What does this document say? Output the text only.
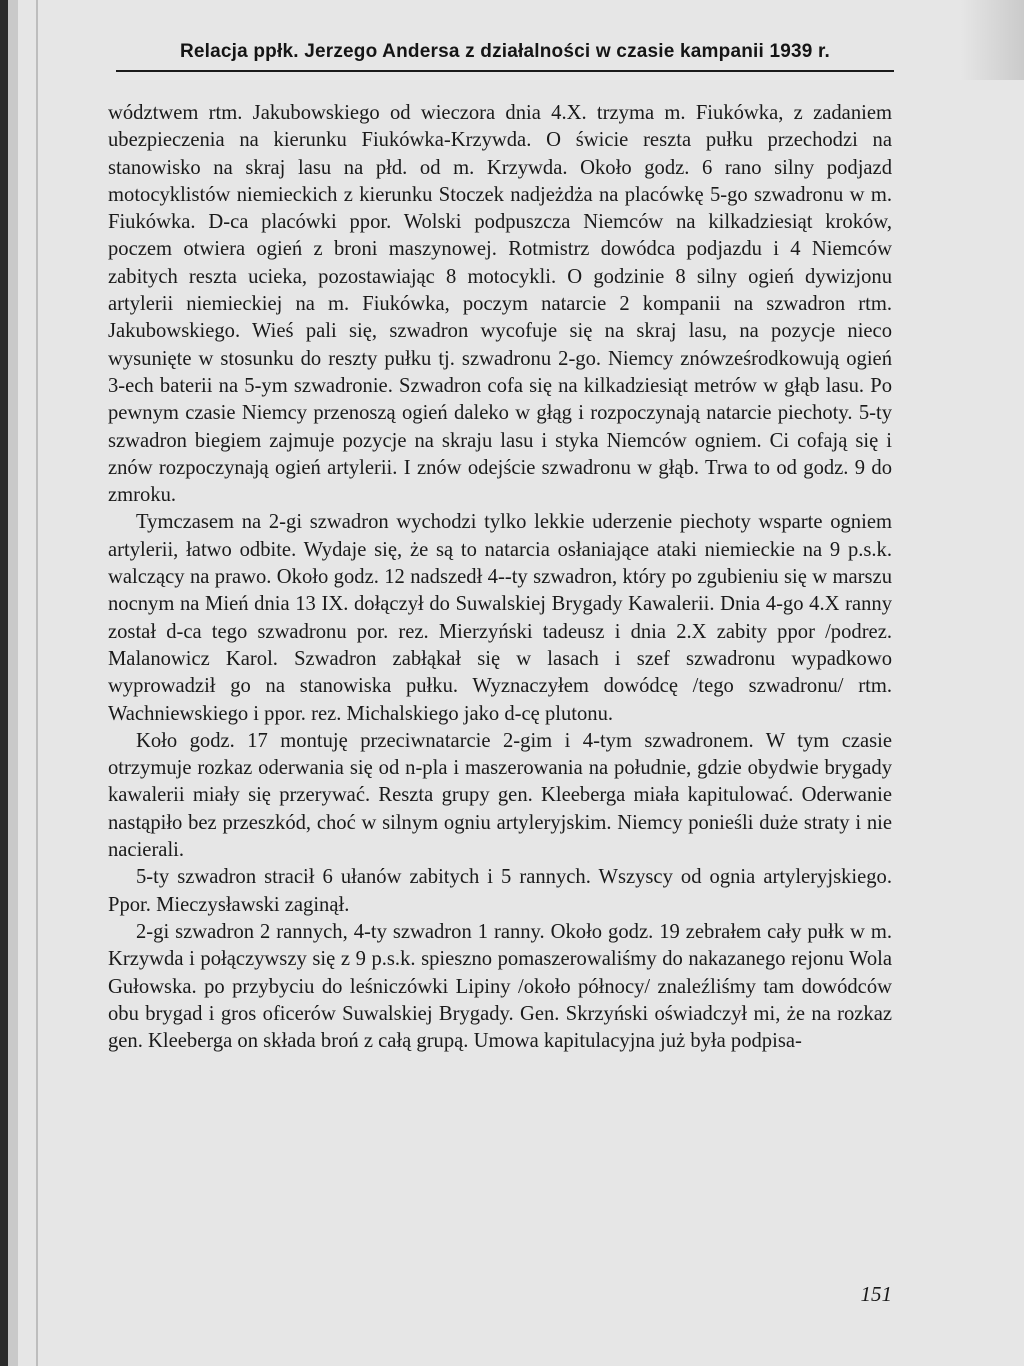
Relacja ppłk. Jerzego Andersa z działalności w czasie kampanii 1939 r.

wództwem rtm. Jakubowskiego od wieczora dnia 4.X. trzyma m. Fiukówka, z zadaniem ubezpieczenia na kierunku Fiukówka-Krzywda. O świcie reszta pułku przechodzi na stanowisko na skraj lasu na płd. od m. Krzywda. Około godz. 6 rano silny podjazd motocyklistów niemieckich z kierunku Stoczek nadjeżdża na placówkę 5-go szwadronu w m. Fiukówka. D-ca placówki ppor. Wolski podpuszcza Niemców na kilkadziesiąt kroków, poczem otwiera ogień z broni maszynowej. Rotmistrz dowódca podjazdu i 4 Niemców zabitych reszta ucieka, pozostawiając 8 motocykli. O godzinie 8 silny ogień dywizjonu artylerii niemieckiej na m. Fiukówka, poczym natarcie 2 kompanii na szwadron rtm. Jakubowskiego. Wieś pali się, szwadron wycofuje się na skraj lasu, na pozycje nieco wysunięte w stosunku do reszty pułku tj. szwadronu 2-go. Niemcy znówześrodkowują ogień 3-ech baterii na 5-ym szwadronie. Szwadron cofa się na kilkadziesiąt metrów w głąb lasu. Po pewnym czasie Niemcy przenoszą ogień daleko w głąg i rozpoczynają natarcie piechoty. 5-ty szwadron biegiem zajmuje pozycje na skraju lasu i styka Niemców ogniem. Ci cofają się i znów rozpoczynają ogień artylerii. I znów odejście szwadronu w głąb. Trwa to od godz. 9 do zmroku.

Tymczasem na 2-gi szwadron wychodzi tylko lekkie uderzenie piechoty wsparte ogniem artylerii, łatwo odbite. Wydaje się, że są to natarcia osłaniające ataki niemieckie na 9 p.s.k. walczący na prawo. Około godz. 12 nadszedł 4--ty szwadron, który po zgubieniu się w marszu nocnym na Mień dnia 13 IX. dołączył do Suwalskiej Brygady Kawalerii. Dnia 4-go 4.X ranny został d-ca tego szwadronu por. rez. Mierzyński tadeusz i dnia 2.X zabity ppor /podrez. Malanowicz Karol. Szwadron zabłąkał się w lasach i szef szwadronu wypadkowo wyprowadził go na stanowiska pułku. Wyznaczyłem dowódcę /tego szwadronu/ rtm. Wachniewskiego i ppor. rez. Michalskiego jako d-cę plutonu.

Koło godz. 17 montuję przeciwnatarcie 2-gim i 4-tym szwadronem. W tym czasie otrzymuje rozkaz oderwania się od n-pla i maszerowania na południe, gdzie obydwie brygady kawalerii miały się przerywać. Reszta grupy gen. Kleeberga miała kapitulować. Oderwanie nastąpiło bez przeszkód, choć w silnym ogniu artyleryjskim. Niemcy ponieśli duże straty i nie nacierali.

5-ty szwadron stracił 6 ułanów zabitych i 5 rannych. Wszyscy od ognia artyleryjskiego. Ppor. Mieczysławski zaginął.

2-gi szwadron 2 rannych, 4-ty szwadron 1 ranny. Około godz. 19 zebrałem cały pułk w m. Krzywda i połączywszy się z 9 p.s.k. spieszno pomaszerowaliśmy do nakazanego rejonu Wola Gułowska. po przybyciu do leśniczówki Lipiny /około północy/ znaleźliśmy tam dowódców obu brygad i gros oficerów Suwalskiej Brygady. Gen. Skrzyński oświadczył mi, że na rozkaz gen. Kleeberga on składa broń z całą grupą. Umowa kapitulacyjna już była podpisa-

151
